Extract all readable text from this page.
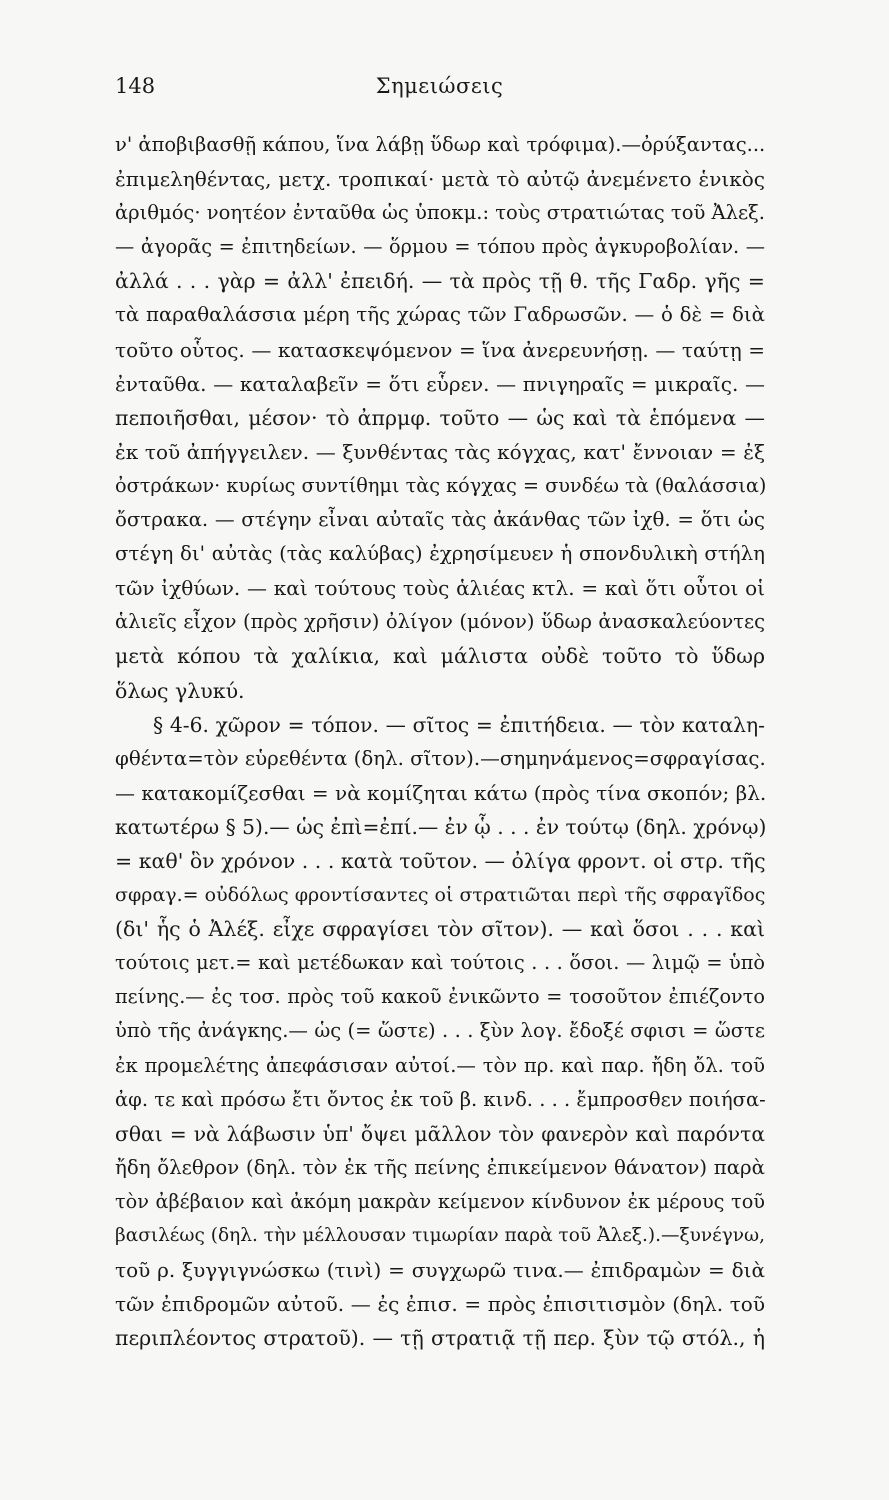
148	Σημειώσεις
ν' ἀποβιβασθῇ κάπου, ἵνα λάβῃ ὕδωρ καὶ τρόφιμα).—ὀρύξαντας...
ἐπιμεληθέντας, μετχ. τροπικαί· μετὰ τὸ αὐτῷ ἀνεμένετο ἑνικὸς
ἀριθμός· νοητέον ἐνταῦθα ὡς ὑποκμ.: τοὺς στρατιώτας τοῦ Ἀλεξ.
— ἀγορᾶς = ἐπιτηδείων. — ὅρμου = τόπου πρὸς ἀγκυροβολίαν. —
ἀλλά . . . γὰρ = ἀλλ' ἐπειδή. — τὰ πρὸς τῇ θ. τῆς Γαδρ. γῆς =
τὰ παραθαλάσσια μέρη τῆς χώρας τῶν Γαδρωσῶν. — ὁ δὲ = διὰ
τοῦτο οὗτος. — κατασκεψόμενον = ἵνα ἀνερευνήσῃ. — ταύτῃ =
ἐνταῦθα. — καταλαβεῖν = ὅτι εὗρεν. — πνιγηραῖς = μικραῖς. —
πεποιῆσθαι, μέσον· τὸ ἀπρμφ. τοῦτο — ὡς καὶ τὰ ἑπόμενα —
ἐκ τοῦ ἀπήγγειλεν. — ξυνθέντας τὰς κόγχας, κατ' ἔννοιαν = ἐξ
ὀστράκων· κυρίως συντίθημι τὰς κόγχας = συνδέω τὰ (θαλάσσια)
ὄστρακα. — στέγην εἶναι αὐταῖς τὰς ἀκάνθας τῶν ἰχθ. = ὅτι ὡς
στέγη δι' αὐτὰς (τὰς καλύβας) ἐχρησίμευεν ἡ σπονδυλικὴ στήλη
τῶν ἰχθύων. — καὶ τούτους τοὺς ἁλιέας κτλ. = καὶ ὅτι οὗτοι οἱ
ἁλιεῖς εἶχον (πρὸς χρῆσιν) ὀλίγον (μόνον) ὕδωρ ἀνασκαλεύοντες
μετὰ κόπου τὰ χαλίκια, καὶ μάλιστα οὐδὲ τοῦτο τὸ ὕδωρ
ὅλως γλυκύ.
§ 4-6. χῶρον = τόπον. — σῖτος = ἐπιτήδεια. — τὸν καταλη-
φθέντα=τὸν εὑρεθέντα (δηλ. σῖτον).—σημηνάμενος=σφραγίσας.
— κατακομίζεσθαι = νὰ κομίζηται κάτω (πρὸς τίνα σκοπόν; βλ.
κατωτέρω § 5).— ὡς ἐπὶ=ἐπί.— ἐν ᾧ . . . ἐν τούτῳ (δηλ. χρόνῳ)
= καθ' ὃν χρόνον . . . κατὰ τοῦτον. — ὀλίγα φροντ. οἱ στρ. τῆς
σφραγ.= οὐδόλως φροντίσαντες οἱ στρατιῶται περὶ τῆς σφραγῖδος
(δι' ἧς ὁ Ἀλέξ. εἶχε σφραγίσει τὸν σῖτον). — καὶ ὅσοι . . . καὶ
τούτοις μετ.= καὶ μετέδωκαν καὶ τούτοις . . . ὅσοι. — λιμῷ = ὑπὸ
πείνης.— ἐς τοσ. πρὸς τοῦ κακοῦ ἐνικῶντο = τοσοῦτον ἐπιέζοντο
ὑπὸ τῆς ἀνάγκης.— ὡς (= ὥστε) . . . ξὺν λογ. ἔδοξέ σφισι = ὥστε
ἐκ προμελέτης ἀπεφάσισαν αὐτοί.— τὸν πρ. καὶ παρ. ἤδη ὄλ. τοῦ
ἀφ. τε καὶ πρόσω ἔτι ὄντος ἐκ τοῦ β. κινδ. . . . ἔμπροσθεν ποιήσα-
σθαι = νὰ λάβωσιν ὑπ' ὄψει μᾶλλον τὸν φανερὸν καὶ παρόντα
ἤδη ὄλεθρον (δηλ. τὸν ἐκ τῆς πείνης ἐπικείμενον θάνατον) παρὰ
τὸν ἀβέβαιον καὶ ἀκόμη μακρὰν κείμενον κίνδυνον ἐκ μέρους τοῦ
βασιλέως (δηλ. τὴν μέλλουσαν τιμωρίαν παρὰ τοῦ Ἀλεξ.).—ξυνέγνω,
τοῦ ρ. ξυγγιγνώσκω (τινὶ) = συγχωρῶ τινα.— ἐπιδραμὼν = διὰ
τῶν ἐπιδρομῶν αὐτοῦ. — ἐς ἐπισ. = πρὸς ἐπισιτισμὸν (δηλ. τοῦ
περιπλέοντος στρατοῦ). — τῇ στρατιᾷ τῇ περ. ξὺν τῷ στόλ., ἡ
